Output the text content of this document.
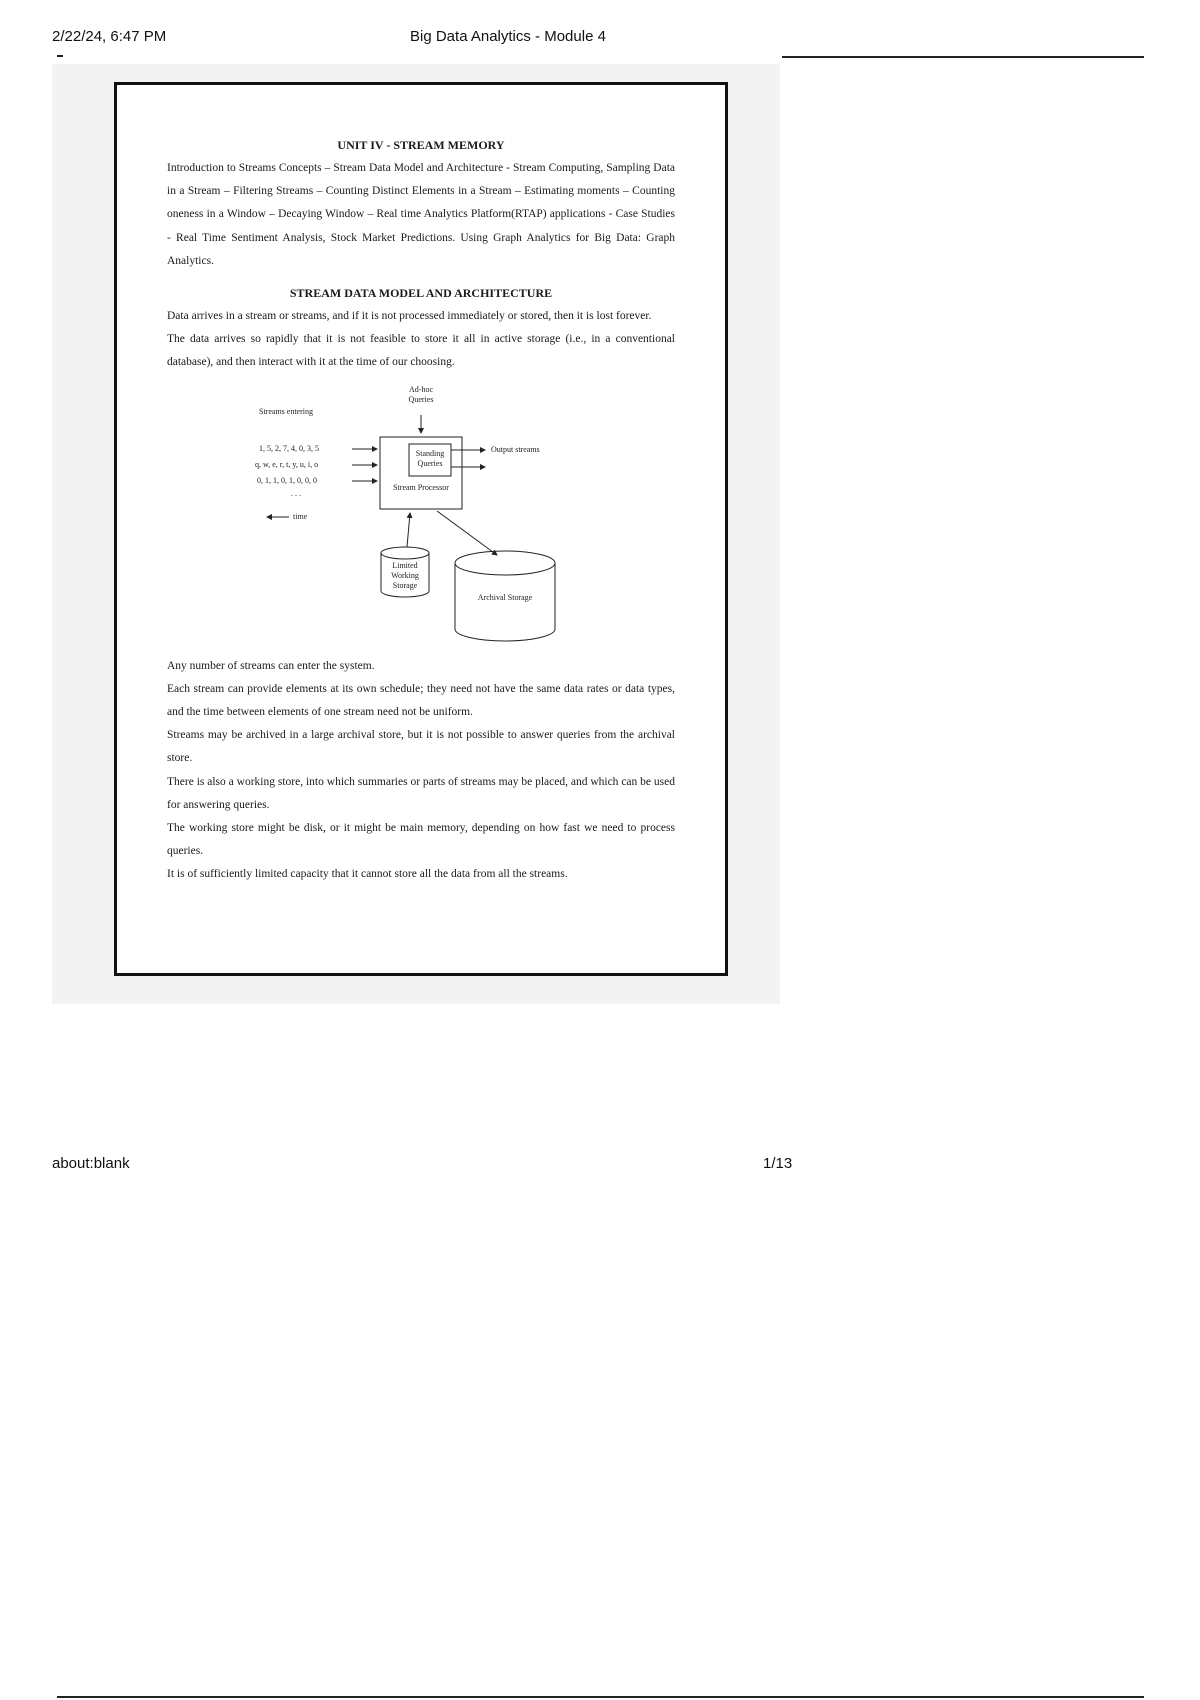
2/22/24, 6:47 PM	Big Data Analytics - Module 4

UNIT IV - STREAM MEMORY

Introduction to Streams Concepts – Stream Data Model and Architecture - Stream Computing, Sampling Data in a Stream – Filtering Streams – Counting Distinct Elements in a Stream – Estimating moments – Counting oneness in a Window – Decaying Window – Real time Analytics Platform(RTAP) applications - Case Studies - Real Time Sentiment Analysis, Stock Market Predictions. Using Graph Analytics for Big Data: Graph Analytics.

STREAM DATA MODEL AND ARCHITECTURE

Data arrives in a stream or streams, and if it is not processed immediately or stored, then it is lost forever.

The data arrives so rapidly that it is not feasible to store it all in active storage (i.e., in a conventional database), and then interact with it at the time of our choosing.

Ad-hoc Queries
Streams entering
1, 5, 2, 7, 4, 0, 3, 5
q, w, e, r, t, y, u, i, o
0, 1, 1, 0, 1, 0, 0, 0
. . .
time
Standing Queries
Stream Processor
Output streams
Limited Working Storage
Archival Storage

Any number of streams can enter the system.

Each stream can provide elements at its own schedule; they need not have the same data rates or data types, and the time between elements of one stream need not be uniform.

Streams may be archived in a large archival store, but it is not possible to answer queries from the archival store.

There is also a working store, into which summaries or parts of streams may be placed, and which can be used for answering queries.

The working store might be disk, or it might be main memory, depending on how fast we need to process queries.

It is of sufficiently limited capacity that it cannot store all the data from all the streams.

about:blank	1/13
